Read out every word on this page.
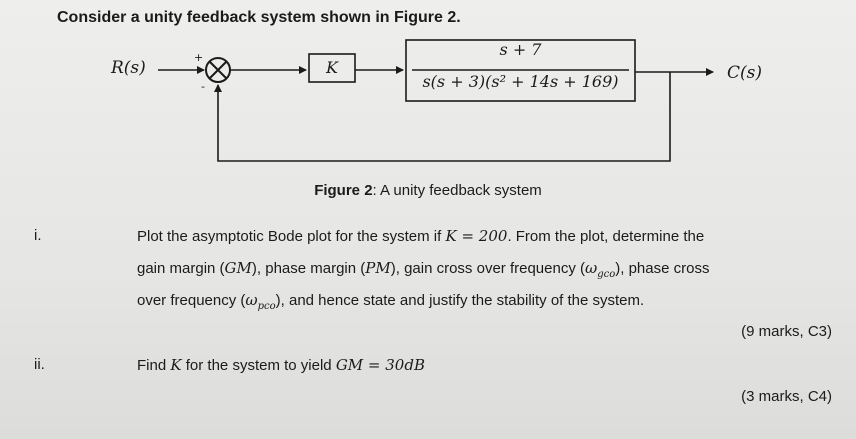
Consider a unity feedback system shown in Figure 2.
R(s)	C(s)
+
-
K
s + 7
s(s + 3)(s² + 14s + 169)
Figure 2: A unity feedback system
i.	Plot the asymptotic Bode plot for the system if K = 200. From the plot, determine the
gain margin (GM), phase margin (PM), gain cross over frequency $(\omega_{gco})$, phase cross
over frequency $(\omega_{pco})$, and hence state and justify the stability of the system.
(9 marks, C3)
ii.	Find K for the system to yield GM = 30dB
(3 marks, C4)
